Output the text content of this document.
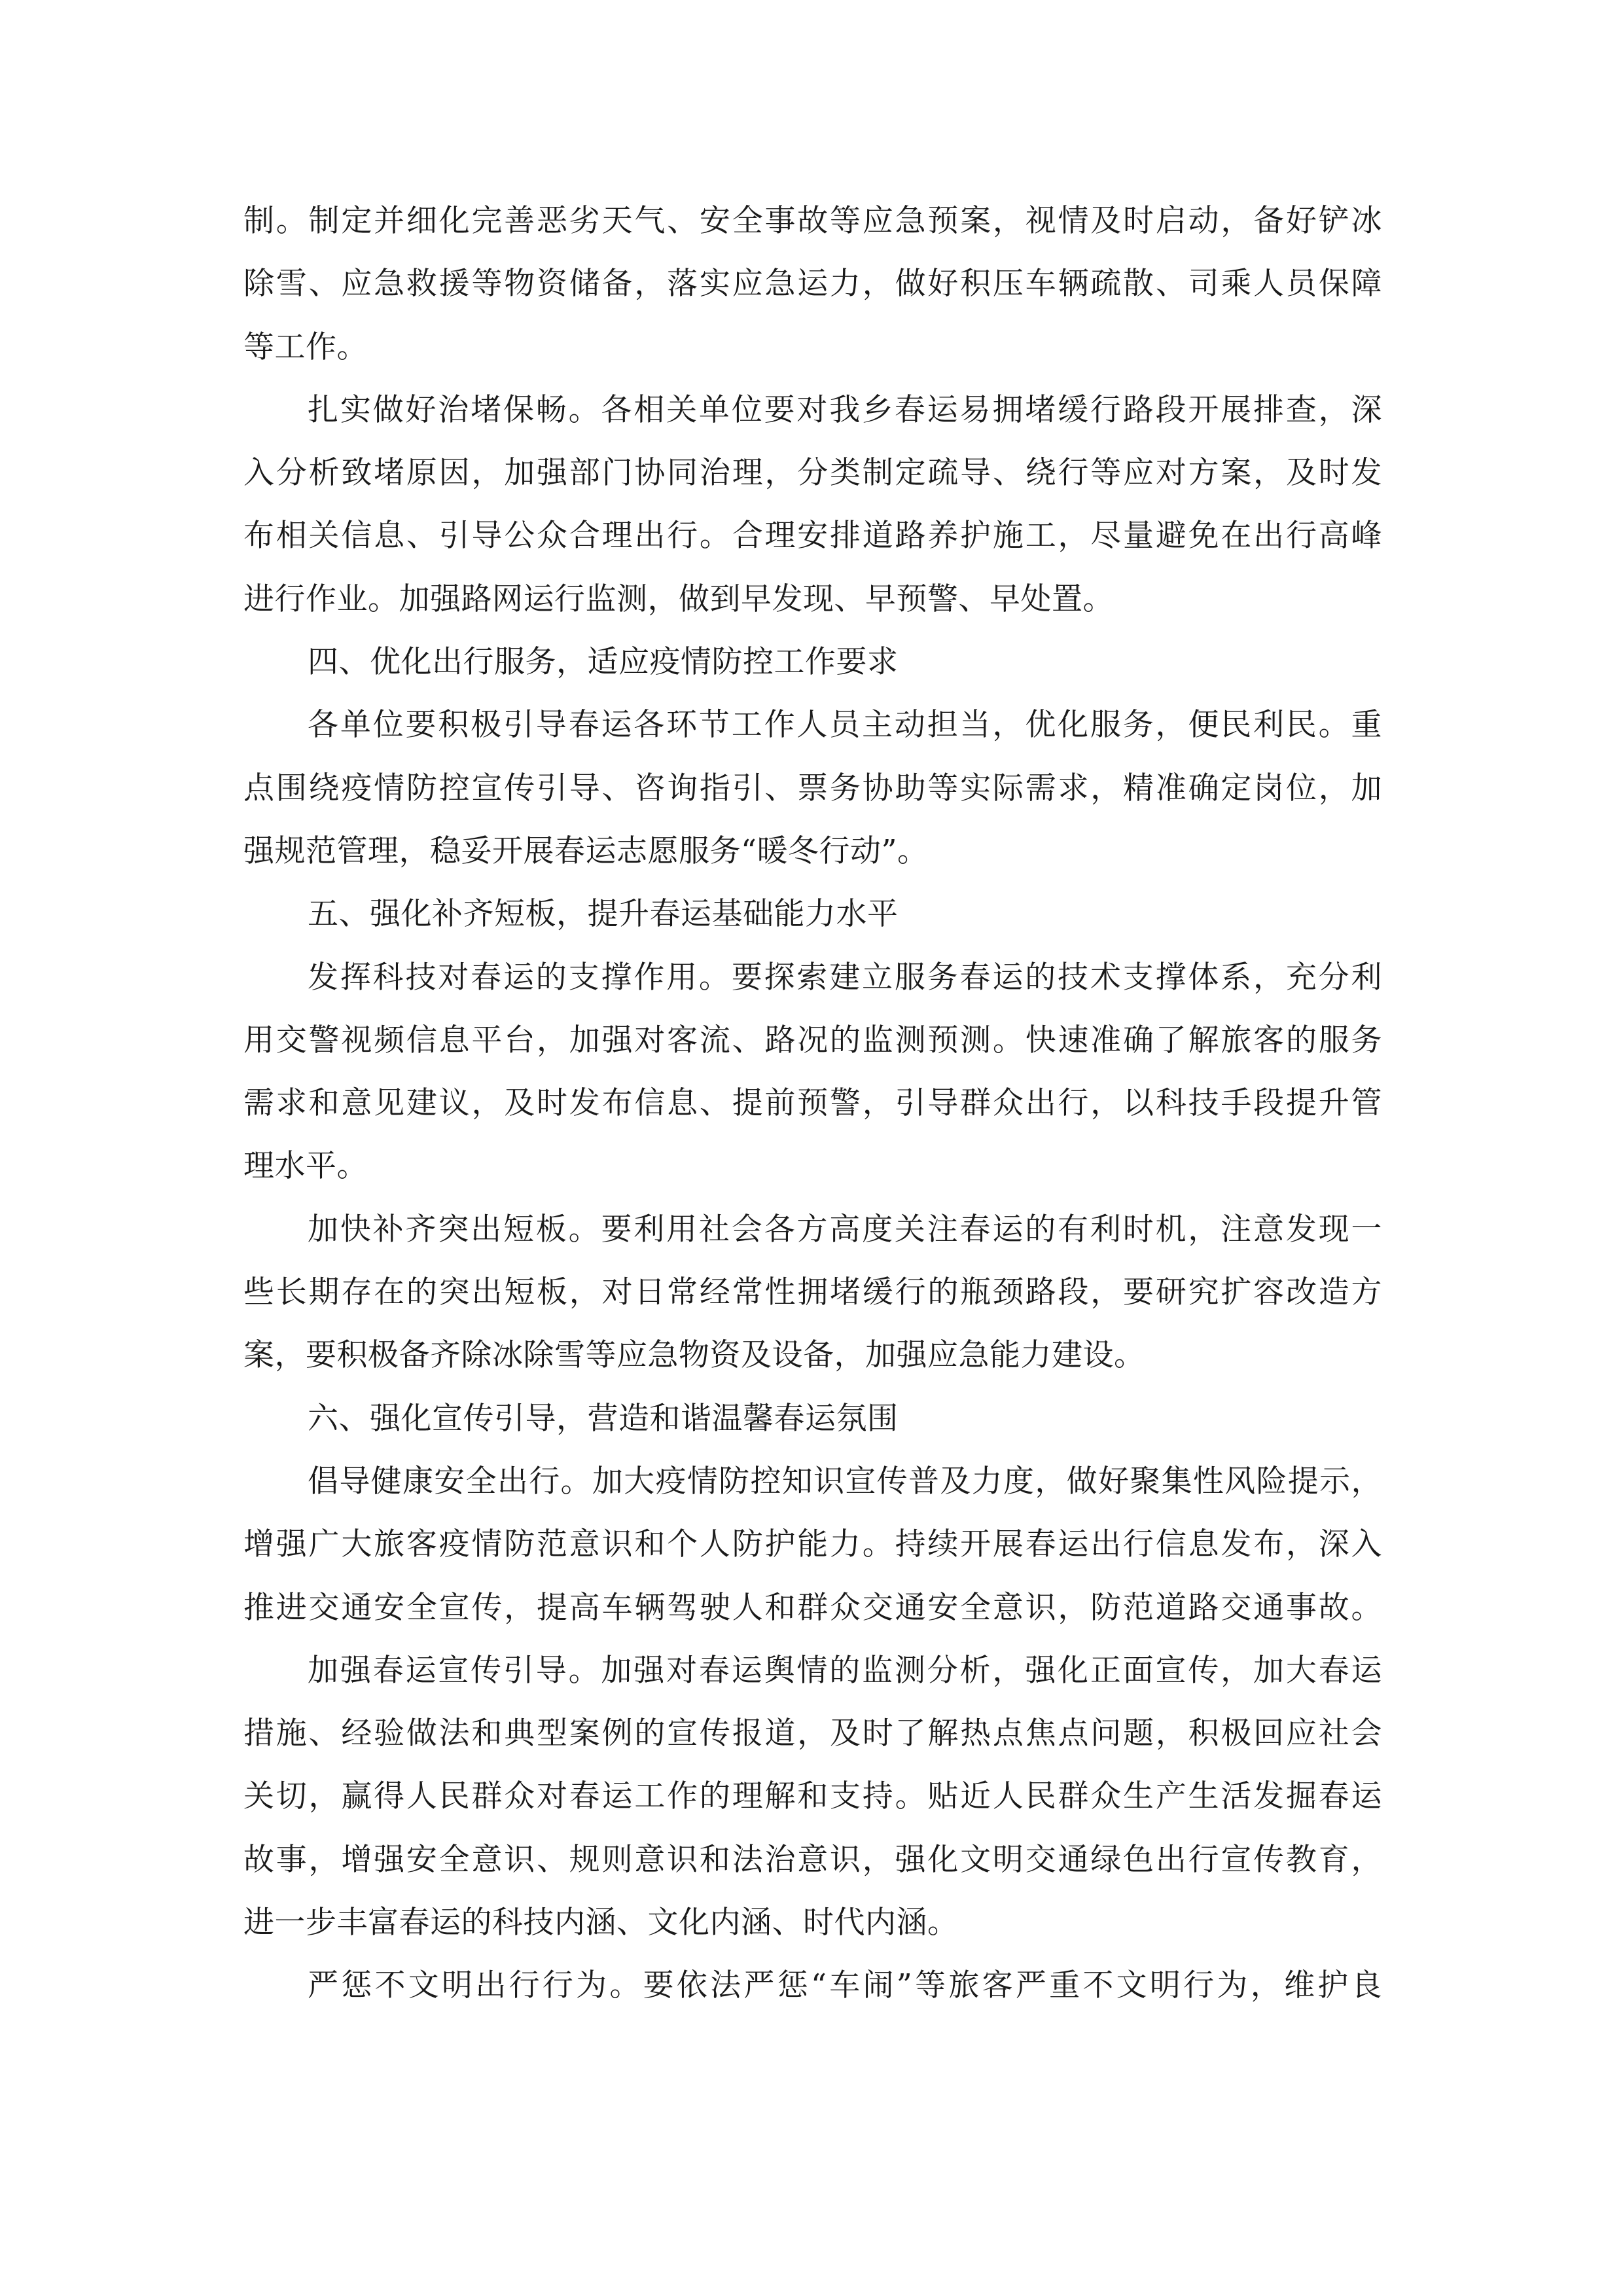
制。制定并细化完善恶劣天气、安全事故等应急预案，视情及时启动，备好铲冰
除雪、应急救援等物资储备，落实应急运力，做好积压车辆疏散、司乘人员保障
等工作。
扎实做好治堵保畅。各相关单位要对我乡春运易拥堵缓行路段开展排查，深
入分析致堵原因，加强部门协同治理，分类制定疏导、绕行等应对方案，及时发
布相关信息、引导公众合理出行。合理安排道路养护施工，尽量避免在出行高峰
进行作业。加强路网运行监测，做到早发现、早预警、早处置。
四、优化出行服务，适应疫情防控工作要求
各单位要积极引导春运各环节工作人员主动担当，优化服务，便民利民。重
点围绕疫情防控宣传引导、咨询指引、票务协助等实际需求，精准确定岗位，加
强规范管理，稳妥开展春运志愿服务“暖冬行动”。
五、强化补齐短板，提升春运基础能力水平
发挥科技对春运的支撑作用。要探索建立服务春运的技术支撑体系，充分利
用交警视频信息平台，加强对客流、路况的监测预测。快速准确了解旅客的服务
需求和意见建议，及时发布信息、提前预警，引导群众出行，以科技手段提升管
理水平。
加快补齐突出短板。要利用社会各方高度关注春运的有利时机，注意发现一
些长期存在的突出短板，对日常经常性拥堵缓行的瓶颈路段，要研究扩容改造方
案，要积极备齐除冰除雪等应急物资及设备，加强应急能力建设。
六、强化宣传引导，营造和谐温馨春运氛围
倡导健康安全出行。加大疫情防控知识宣传普及力度，做好聚集性风险提示，
增强广大旅客疫情防范意识和个人防护能力。持续开展春运出行信息发布，深入
推进交通安全宣传，提高车辆驾驶人和群众交通安全意识，防范道路交通事故。
加强春运宣传引导。加强对春运舆情的监测分析，强化正面宣传，加大春运
措施、经验做法和典型案例的宣传报道，及时了解热点焦点问题，积极回应社会
关切，赢得人民群众对春运工作的理解和支持。贴近人民群众生产生活发掘春运
故事，增强安全意识、规则意识和法治意识，强化文明交通绿色出行宣传教育，
进一步丰富春运的科技内涵、文化内涵、时代内涵。
严惩不文明出行行为。要依法严惩“车闹”等旅客严重不文明行为，维护良
